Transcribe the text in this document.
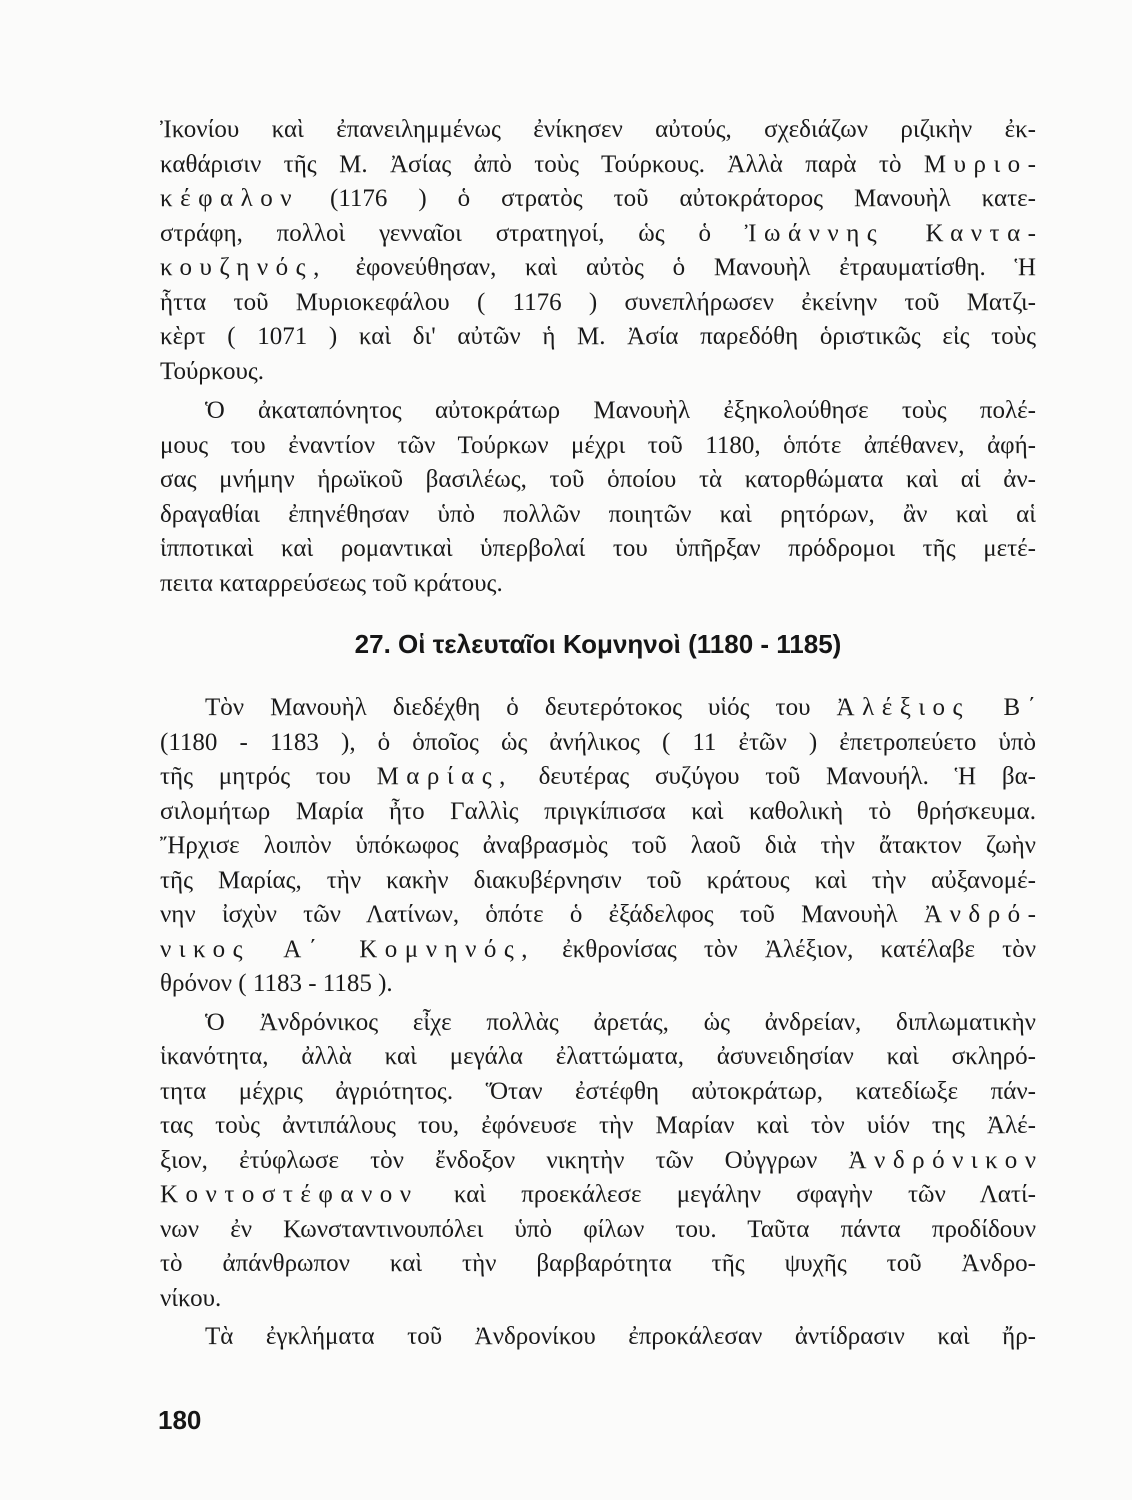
Ἰκονίου καὶ ἐπανειλημμένως ἐνίκησεν αὐτούς, σχεδιάζων ριζικὴν ἐκ-
καθάρισιν τῆς Μ. Ἀσίας ἀπὸ τοὺς Τούρκους. Ἀλλὰ παρὰ τὸ Μυριο-
κέφαλον (1176 ) ὁ στρατὸς τοῦ αὐτοκράτορος Μανουὴλ κατε-
στράφη, πολλοὶ γενναῖοι στρατηγοί, ὡς ὁ Ἰωάννης Καντα-
κουζηνός, ἐφονεύθησαν, καὶ αὐτὸς ὁ Μανουὴλ ἐτραυματίσθη. Ἡ
ἧττα τοῦ Μυριοκεφάλου ( 1176 ) συνεπλήρωσεν ἐκείνην τοῦ Ματζι-
κὲρτ ( 1071 ) καὶ δι' αὐτῶν ἡ Μ. Ἀσία παρεδόθη ὁριστικῶς εἰς τοὺς
Τούρκους.
Ὁ ἀκαταπόνητος αὐτοκράτωρ Μανουὴλ ἐξηκολούθησε τοὺς πολέ-
μους του ἐναντίον τῶν Τούρκων μέχρι τοῦ 1180, ὁπότε ἀπέθανεν, ἀφή-
σας μνήμην ἡρωϊκοῦ βασιλέως, τοῦ ὁποίου τὰ κατορθώματα καὶ αἱ ἀν-
δραγαθίαι ἐπηνέθησαν ὑπὸ πολλῶν ποιητῶν καὶ ρητόρων, ἂν καὶ αἱ
ἱπποτικαὶ καὶ ρομαντικαὶ ὑπερβολαί του ὑπῆρξαν πρόδρομοι τῆς μετέ-
πειτα καταρρεύσεως τοῦ κράτους.
27. Οἱ τελευταῖοι Κομνηνοὶ (1180 - 1185)
Τὸν Μανουὴλ διεδέχθη ὁ δευτερότοκος υἱός του Ἀλέξιος Β΄
(1180 - 1183 ), ὁ ὁποῖος ὡς ἀνήλικος ( 11 ἐτῶν ) ἐπετροπεύετο ὑπὸ
τῆς μητρός του Μαρίας, δευτέρας συζύγου τοῦ Μανουήλ. Ἡ βα-
σιλομήτωρ Μαρία ἦτο Γαλλὶς πριγκίπισσα καὶ καθολικὴ τὸ θρήσκευμα.
Ἤρχισε λοιπὸν ὑπόκωφος ἀναβρασμὸς τοῦ λαοῦ διὰ τὴν ἄτακτον ζωὴν
τῆς Μαρίας, τὴν κακὴν διακυβέρνησιν τοῦ κράτους καὶ τὴν αὐξανομέ-
νην ἰσχὺν τῶν Λατίνων, ὁπότε ὁ ἐξάδελφος τοῦ Μανουὴλ Ἀνδρό-
νικος Α΄ Κομνηνός, ἐκθρονίσας τὸν Ἀλέξιον, κατέλαβε τὸν
θρόνον ( 1183 - 1185 ).
Ὁ Ἀνδρόνικος εἶχε πολλὰς ἀρετάς, ὡς ἀνδρείαν, διπλωματικὴν
ἱκανότητα, ἀλλὰ καὶ μεγάλα ἐλαττώματα, ἀσυνειδησίαν καὶ σκληρό-
τητα μέχρις ἀγριότητος. Ὅταν ἐστέφθη αὐτοκράτωρ, κατεδίωξε πάν-
τας τοὺς ἀντιπάλους του, ἐφόνευσε τὴν Μαρίαν καὶ τὸν υἱόν της Ἀλέ-
ξιον, ἐτύφλωσε τὸν ἔνδοξον νικητὴν τῶν Οὐγγρων Ἀνδρόνικον
Κοντοστέφανον καὶ προεκάλεσε μεγάλην σφαγὴν τῶν Λατί-
νων ἐν Κωνσταντινουπόλει ὑπὸ φίλων του. Ταῦτα πάντα προδίδουν
τὸ ἀπάνθρωπον καὶ τὴν βαρβαρότητα τῆς ψυχῆς τοῦ Ἀνδρο-
νίκου.
Τὰ ἐγκλήματα τοῦ Ἀνδρονίκου ἐπροκάλεσαν ἀντίδρασιν καὶ ἤρ-
180
